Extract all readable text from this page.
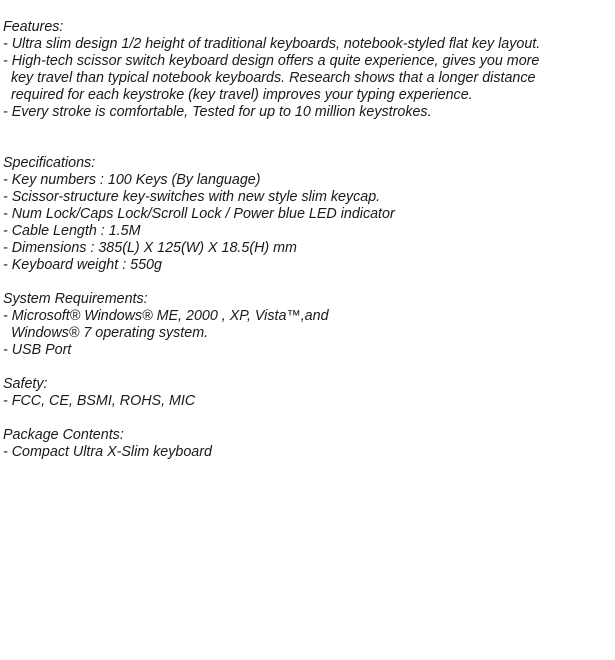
Features:
- Ultra slim design 1/2 height of traditional keyboards, notebook-styled flat key layout.
- High-tech scissor switch keyboard design offers a quite experience, gives you more
key travel than typical notebook keyboards. Research shows that a longer distance
required for each keystroke (key travel) improves your typing experience.
- Every stroke is comfortable, Tested for up to 10 million keystrokes.
Specifications:
- Key numbers : 100 Keys (By language)
- Scissor-structure key-switches with new style slim keycap.
- Num Lock/Caps Lock/Scroll Lock / Power blue LED indicator
- Cable Length : 1.5M
- Dimensions : 385(L) X 125(W) X 18.5(H) mm
- Keyboard weight : 550g
System Requirements:
- Microsoft® Windows® ME, 2000 , XP, Vista™,and
Windows® 7 operating system.
- USB Port
Safety:
- FCC, CE, BSMI, ROHS, MIC
Package Contents:
- Compact Ultra X-Slim keyboard
